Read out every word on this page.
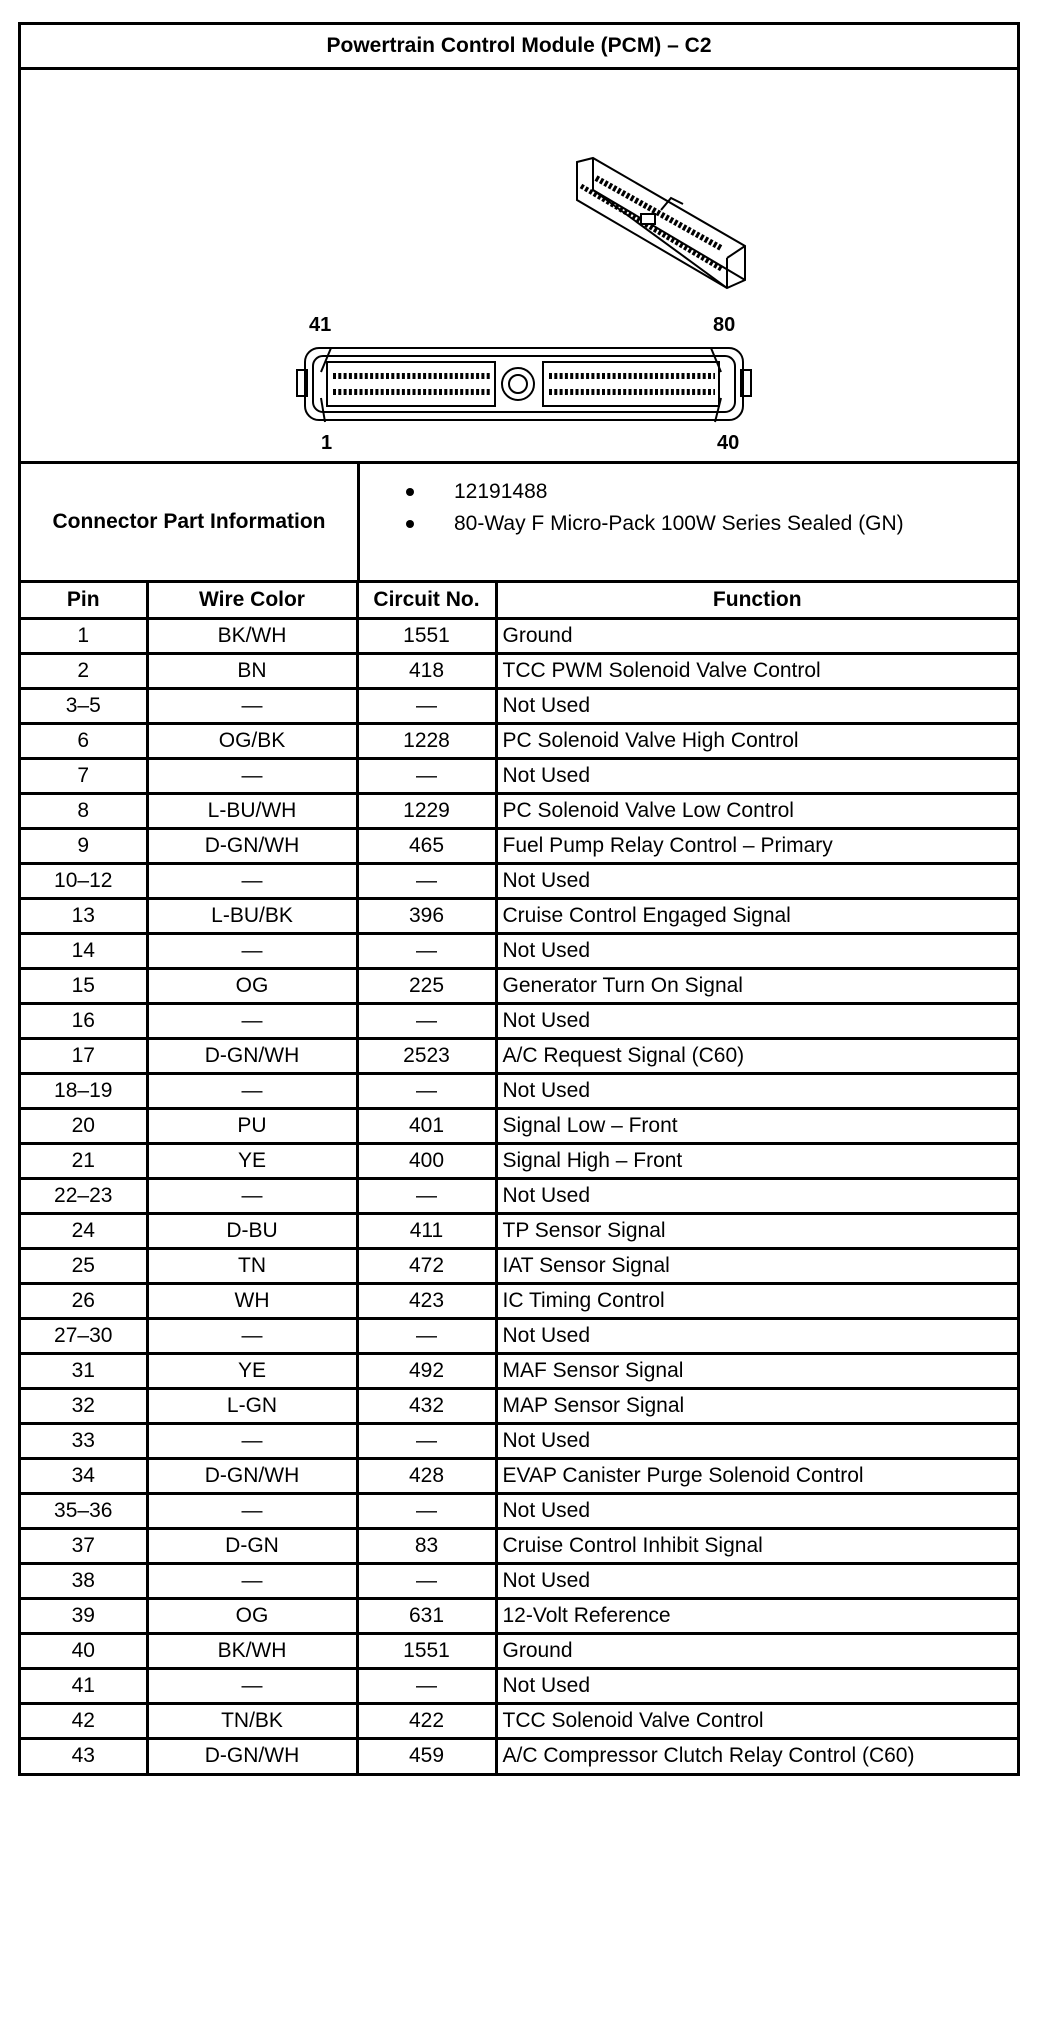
Powertrain Control Module (PCM) – C2
41	80
1	40
Connector Part Information
12191488
80-Way F Micro-Pack 100W Series Sealed (GN)
Pin	Wire Color	Circuit No.	Function
1	BK/WH	1551	Ground
2	BN	418	TCC PWM Solenoid Valve Control
3–5	—	—	Not Used
6	OG/BK	1228	PC Solenoid Valve High Control
7	—	—	Not Used
8	L-BU/WH	1229	PC Solenoid Valve Low Control
9	D-GN/WH	465	Fuel Pump Relay Control – Primary
10–12	—	—	Not Used
13	L-BU/BK	396	Cruise Control Engaged Signal
14	—	—	Not Used
15	OG	225	Generator Turn On Signal
16	—	—	Not Used
17	D-GN/WH	2523	A/C Request Signal (C60)
18–19	—	—	Not Used
20	PU	401	Signal Low – Front
21	YE	400	Signal High – Front
22–23	—	—	Not Used
24	D-BU	411	TP Sensor Signal
25	TN	472	IAT Sensor Signal
26	WH	423	IC Timing Control
27–30	—	—	Not Used
31	YE	492	MAF Sensor Signal
32	L-GN	432	MAP Sensor Signal
33	—	—	Not Used
34	D-GN/WH	428	EVAP Canister Purge Solenoid Control
35–36	—	—	Not Used
37	D-GN	83	Cruise Control Inhibit Signal
38	—	—	Not Used
39	OG	631	12-Volt Reference
40	BK/WH	1551	Ground
41	—	—	Not Used
42	TN/BK	422	TCC Solenoid Valve Control
43	D-GN/WH	459	A/C Compressor Clutch Relay Control (C60)
